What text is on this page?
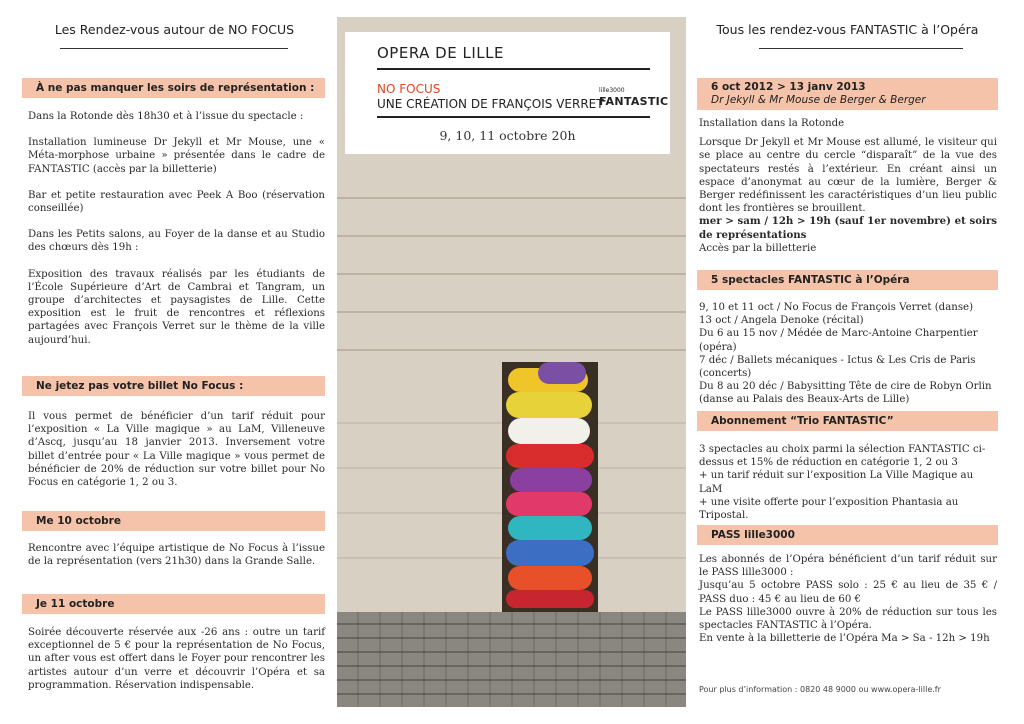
Les Rendez-vous autour de NO FOCUS
À ne pas manquer les soirs de représentation :

Dans la Rotonde dès 18h30 et à l’issue du spectacle :

Installation lumineuse Dr Jekyll et Mr Mouse, une « Méta-morphose urbaine » présentée dans le cadre de FANTASTIC (accès par la billetterie)

Bar et petite restauration avec Peek A Boo (réservation conseillée)

Dans les Petits salons, au Foyer de la danse et au Studio des chœurs dès 19h :

Exposition des travaux réalisés par les étudiants de l’École Supérieure d’Art de Cambrai et Tangram, un groupe d’architectes et paysagistes de Lille. Cette exposition est le fruit de rencontres et réflexions partagées avec François Verret sur le thème de la ville aujourd’hui.

Ne jetez pas votre billet No Focus :

Il vous permet de bénéficier d’un tarif réduit pour l’exposition « La Ville magique » au LaM, Villeneuve d’Ascq, jusqu’au 18 janvier 2013. Inversement votre billet d’entrée pour « La Ville magique » vous permet de bénéficier de 20% de réduction sur votre billet pour No Focus en catégorie 1, 2 ou 3.

Me 10 octobre

Rencontre avec l’équipe artistique de No Focus à l’issue de la représentation (vers 21h30) dans la Grande Salle.

Je 11 octobre

Soirée découverte réservée aux -26 ans : outre un tarif exceptionnel de 5 € pour la représentation de No Focus, un after vous est offert dans le Foyer pour rencontrer les artistes autour d’un verre et découvrir l’Opéra et sa programmation. Réservation indispensable.

OPERA DE LILLE
NO FOCUS
UNE CRÉATION DE FRANÇOIS VERRET
lille3000
FANTASTIC
9, 10, 11 octobre 20h
Tous les rendez-vous FANTASTIC à l’Opéra
6 oct 2012 > 13 janv 2013
Dr Jekyll & Mr Mouse de Berger & Berger

Installation dans la Rotonde

Lorsque Dr Jekyll et Mr Mouse est allumé, le visiteur qui se place au centre du cercle “disparaît” de la vue des spectateurs restés à l’extérieur. En créant ainsi un espace d’anonymat au cœur de la lumière, Berger & Berger redéfinissent les caractéristiques d’un lieu public dont les frontières se brouillent.

mer > sam / 12h > 19h (sauf 1er novembre) et soirs de représentations

Accès par la billetterie

5 spectacles FANTASTIC à l’Opéra

9, 10 et 11 oct / No Focus de François Verret (danse)

13 oct / Angela Denoke (récital)

Du 6 au 15 nov / Médée de Marc-Antoine Charpentier (opéra)

7 déc / Ballets mécaniques - Ictus & Les Cris de Paris (concerts)

Du 8 au 20 déc / Babysitting Tête de cire de Robyn Orlin (danse au Palais des Beaux-Arts de Lille)

Abonnement “Trio FANTASTIC”

3 spectacles au choix parmi la sélection FANTASTIC ci-dessus et 15% de réduction en catégorie 1, 2 ou 3

+ un tarif réduit sur l’exposition La Ville Magique au LaM

+ une visite offerte pour l’exposition Phantasia au Tripostal.

PASS lille3000

Les abonnés de l’Opéra bénéficient d’un tarif réduit sur le PASS lille3000 :

Jusqu’au 5 octobre PASS solo : 25 € au lieu de 35 € / PASS duo : 45 € au lieu de 60 €

Le PASS lille3000 ouvre à 20% de réduction sur tous les spectacles FANTASTIC à l’Opéra.

En vente à la billetterie de l’Opéra Ma > Sa - 12h > 19h

Pour plus d’information : 0820 48 9000 ou www.opera-lille.fr
